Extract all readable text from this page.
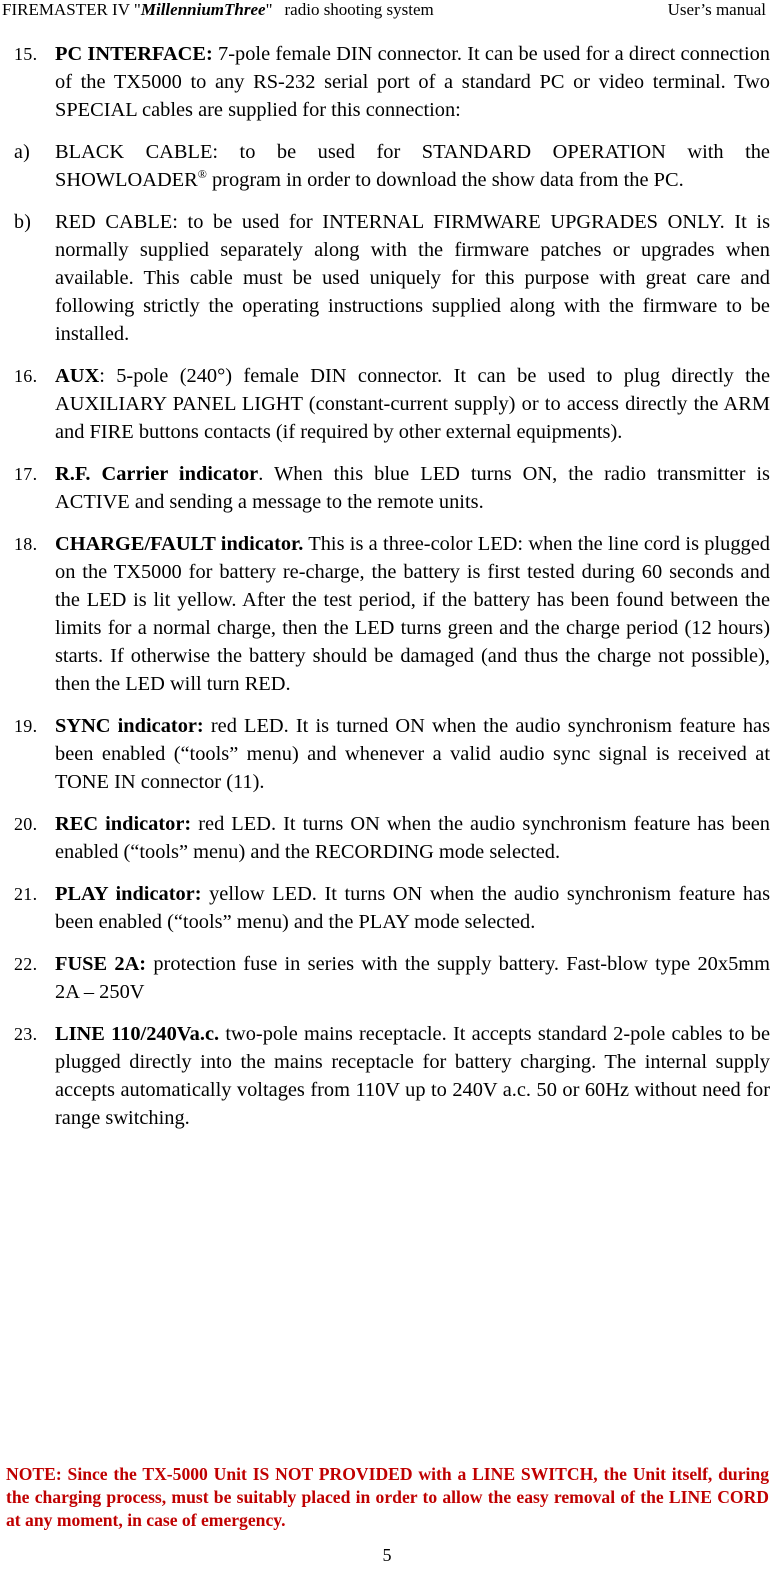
FIREMASTER IV "MillenniumThree" radio shooting system	User’s manual
15. PC INTERFACE: 7-pole female DIN connector. It can be used for a direct connection of the TX5000 to any RS-232 serial port of a standard PC or video terminal. Two SPECIAL cables are supplied for this connection:
a) BLACK CABLE: to be used for STANDARD OPERATION with the SHOWLOADER® program in order to download the show data from the PC.
b) RED CABLE: to be used for INTERNAL FIRMWARE UPGRADES ONLY. It is normally supplied separately along with the firmware patches or upgrades when available. This cable must be used uniquely for this purpose with great care and following strictly the operating instructions supplied along with the firmware to be installed.
16. AUX: 5-pole (240°) female DIN connector. It can be used to plug directly the AUXILIARY PANEL LIGHT (constant-current supply) or to access directly the ARM and FIRE buttons contacts (if required by other external equipments).
17. R.F. Carrier indicator. When this blue LED turns ON, the radio transmitter is ACTIVE and sending a message to the remote units.
18. CHARGE/FAULT indicator. This is a three-color LED: when the line cord is plugged on the TX5000 for battery re-charge, the battery is first tested during 60 seconds and the LED is lit yellow. After the test period, if the battery has been found between the limits for a normal charge, then the LED turns green and the charge period (12 hours) starts. If otherwise the battery should be damaged (and thus the charge not possible), then the LED will turn RED.
19. SYNC indicator: red LED. It is turned ON when the audio synchronism feature has been enabled (“tools” menu) and whenever a valid audio sync signal is received at TONE IN connector (11).
20. REC indicator: red LED. It turns ON when the audio synchronism feature has been enabled (“tools” menu) and the RECORDING mode selected.
21. PLAY indicator: yellow LED. It turns ON when the audio synchronism feature has been enabled (“tools” menu) and the PLAY mode selected.
22. FUSE 2A: protection fuse in series with the supply battery. Fast-blow type 20x5mm 2A – 250V
23. LINE 110/240Va.c. two-pole mains receptacle. It accepts standard 2-pole cables to be plugged directly into the mains receptacle for battery charging. The internal supply accepts automatically voltages from 110V up to 240V a.c. 50 or 60Hz without need for range switching.
NOTE: Since the TX-5000 Unit IS NOT PROVIDED with a LINE SWITCH, the Unit itself, during the charging process, must be suitably placed in order to allow the easy removal of the LINE CORD at any moment, in case of emergency.
5
